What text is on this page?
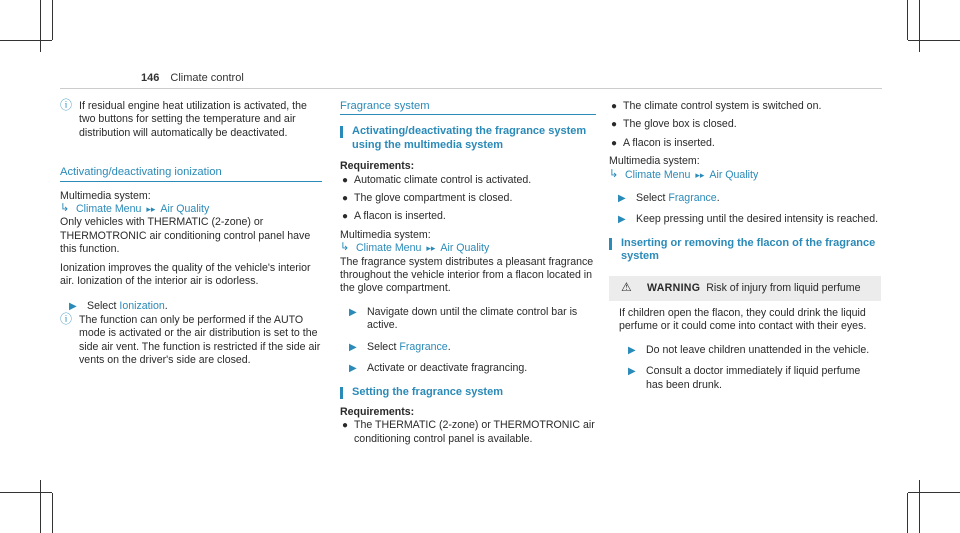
146 Climate control

ⓘ If residual engine heat utilization is activated, the two buttons for setting the temperature and air distribution will automatically be deactivated.

Activating/deactivating ionization

Multimedia system:

↳ Climate Menu ▸▸ Air Quality

Only vehicles with THERMATIC (2-zone) or THERMOTRONIC air conditioning control panel have this function.

Ionization improves the quality of the vehicle's interior air. Ionization of the interior air is odorless.

▶ Select Ionization.

ⓘ The function can only be performed if the AUTO mode is activated or the air distribution is set to the side air vent. The function is restricted if the side air vents on the driver's side are closed.

Fragrance system
Activating/deactivating the fragrance system using the multimedia system

Requirements:

● Automatic climate control is activated.

● The glove compartment is closed.

● A flacon is inserted.

Multimedia system:

↳ Climate Menu ▸▸ Air Quality

The fragrance system distributes a pleasant fragrance throughout the vehicle interior from a flacon located in the glove compartment.

▶ Navigate down until the climate control bar is active.

▶ Select Fragrance.

▶ Activate or deactivate fragrancing.

Setting the fragrance system

Requirements:

● The THERMATIC (2-zone) or THERMOTRONIC air conditioning control panel is available.

● The climate control system is switched on.

● The glove box is closed.

● A flacon is inserted.

Multimedia system:

↳ Climate Menu ▸▸ Air Quality

▶ Select Fragrance.

▶ Keep pressing until the desired intensity is reached.

Inserting or removing the flacon of the fragrance system

⚠ WARNING Risk of injury from liquid perfume

If children open the flacon, they could drink the liquid perfume or it could come into contact with their eyes.

▶ Do not leave children unattended in the vehicle.

▶ Consult a doctor immediately if liquid perfume has been drunk.
